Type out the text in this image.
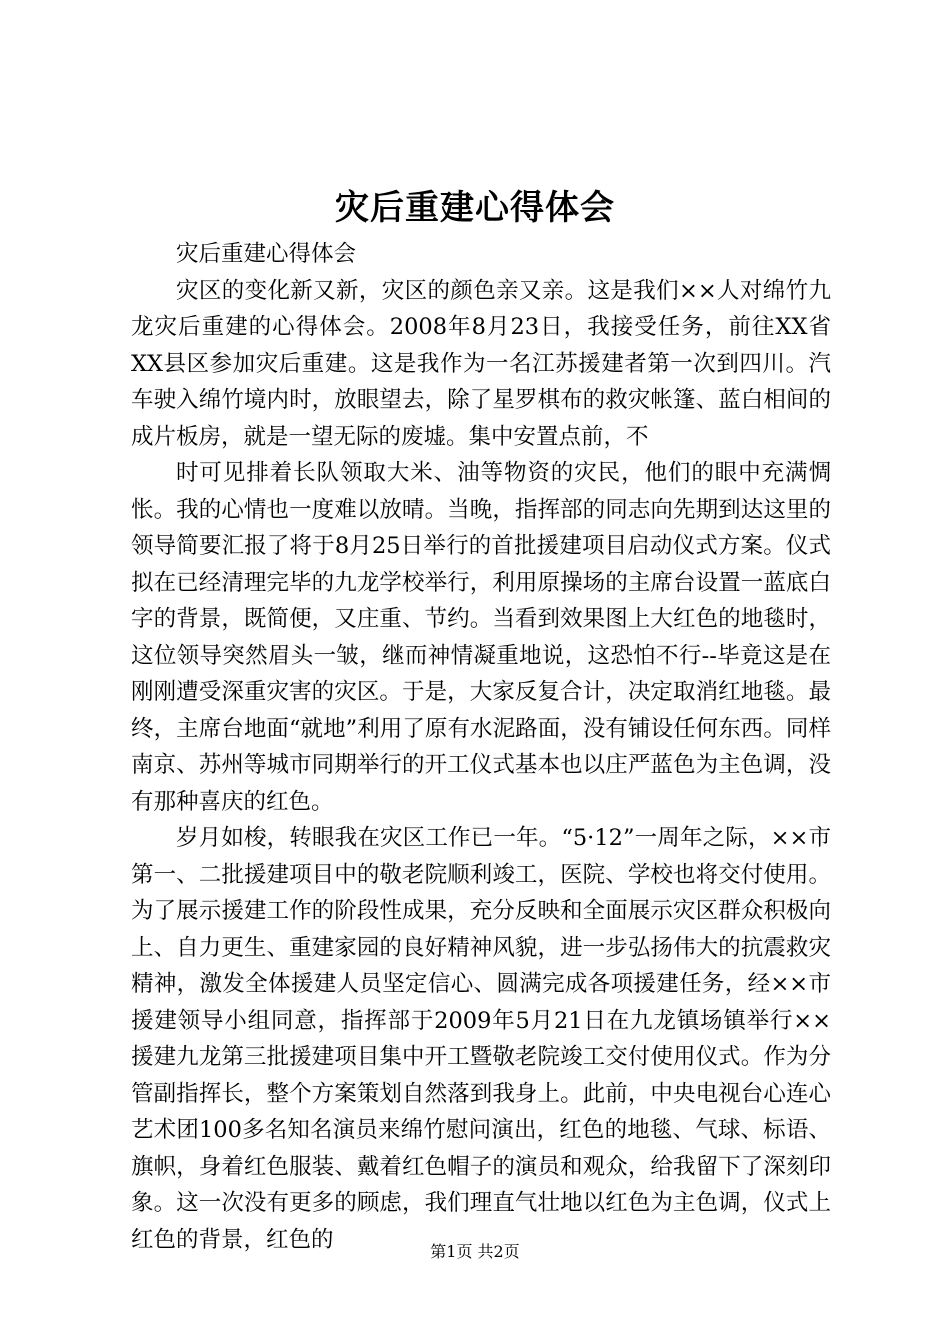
灾后重建心得体会

灾后重建心得体会

灾区的变化新又新，灾区的颜色亲又亲。这是我们××人对绵竹九龙灾后重建的心得体会。2008年8月23日，我接受任务，前往XX省XX县区参加灾后重建。这是我作为一名江苏援建者第一次到四川。汽车驶入绵竹境内时，放眼望去，除了星罗棋布的救灾帐篷、蓝白相间的成片板房，就是一望无际的废墟。集中安置点前，不

时可见排着长队领取大米、油等物资的灾民，他们的眼中充满惆怅。我的心情也一度难以放晴。当晚，指挥部的同志向先期到达这里的领导简要汇报了将于8月25日举行的首批援建项目启动仪式方案。仪式拟在已经清理完毕的九龙学校举行，利用原操场的主席台设置一蓝底白字的背景，既简便，又庄重、节约。当看到效果图上大红色的地毯时，这位领导突然眉头一皱，继而神情凝重地说，这恐怕不行--毕竟这是在刚刚遭受深重灾害的灾区。于是，大家反复合计，决定取消红地毯。最终，主席台地面“就地”利用了原有水泥路面，没有铺设任何东西。同样南京、苏州等城市同期举行的开工仪式基本也以庄严蓝色为主色调，没有那种喜庆的红色。

岁月如梭，转眼我在灾区工作已一年。“5·12”一周年之际，××市第一、二批援建项目中的敬老院顺利竣工，医院、学校也将交付使用。为了展示援建工作的阶段性成果，充分反映和全面展示灾区群众积极向上、自力更生、重建家园的良好精神风貌，进一步弘扬伟大的抗震救灾精神，激发全体援建人员坚定信心、圆满完成各项援建任务，经××市援建领导小组同意，指挥部于2009年5月21日在九龙镇场镇举行××援建九龙第三批援建项目集中开工暨敬老院竣工交付使用仪式。作为分管副指挥长，整个方案策划自然落到我身上。此前，中央电视台心连心艺术团100多名知名演员来绵竹慰问演出，红色的地毯、气球、标语、旗帜，身着红色服装、戴着红色帽子的演员和观众，给我留下了深刻印象。这一次没有更多的顾虑，我们理直气壮地以红色为主色调，仪式上红色的背景，红色的	第1页 共2页
